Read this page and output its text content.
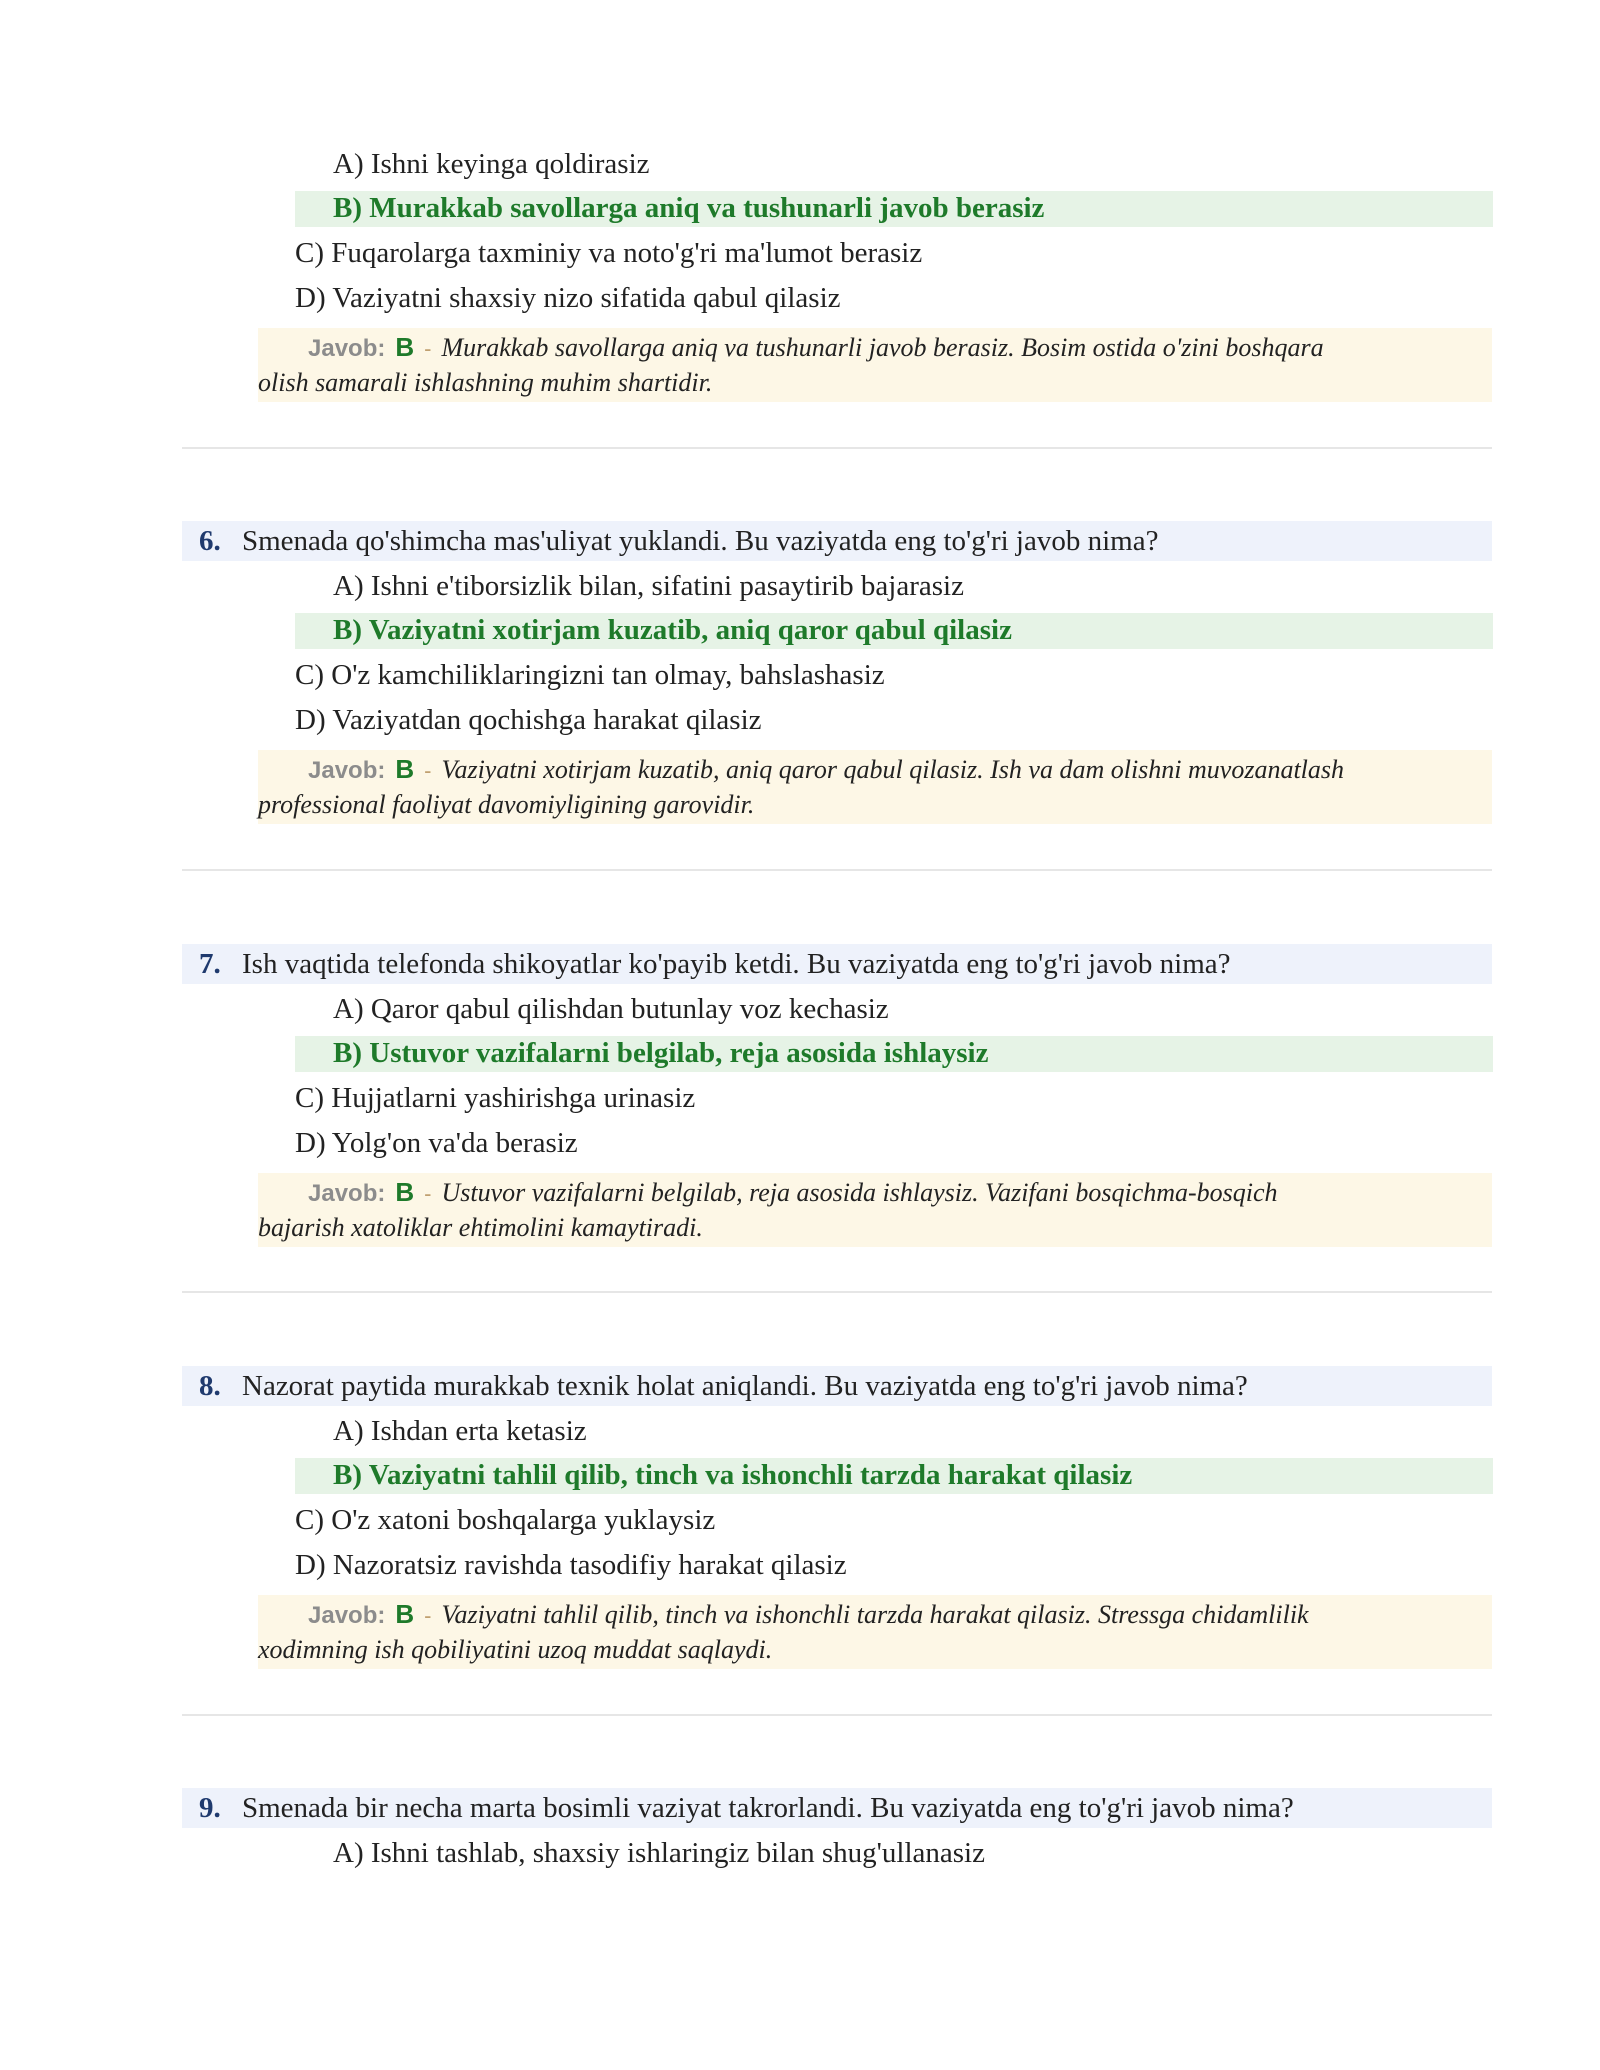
A) Ishni keyinga qoldirasiz
B) Murakkab savollarga aniq va tushunarli javob berasiz
C) Fuqarolarga taxminiy va noto'g'ri ma'lumot berasiz
D) Vaziyatni shaxsiy nizo sifatida qabul qilasiz
Javob: B - Murakkab savollarga aniq va tushunarli javob berasiz. Bosim ostida o'zini boshqara
olish samarali ishlashning muhim shartidir.
6. Smenada qo'shimcha mas'uliyat yuklandi. Bu vaziyatda eng to'g'ri javob nima?
A) Ishni e'tiborsizlik bilan, sifatini pasaytirib bajarasiz
B) Vaziyatni xotirjam kuzatib, aniq qaror qabul qilasiz
C) O'z kamchiliklaringizni tan olmay, bahslashasiz
D) Vaziyatdan qochishga harakat qilasiz
Javob: B - Vaziyatni xotirjam kuzatib, aniq qaror qabul qilasiz. Ish va dam olishni muvozanatlash
professional faoliyat davomiyligining garovidir.
7. Ish vaqtida telefonda shikoyatlar ko'payib ketdi. Bu vaziyatda eng to'g'ri javob nima?
A) Qaror qabul qilishdan butunlay voz kechasiz
B) Ustuvor vazifalarni belgilab, reja asosida ishlaysiz
C) Hujjatlarni yashirishga urinasiz
D) Yolg'on va'da berasiz
Javob: B - Ustuvor vazifalarni belgilab, reja asosida ishlaysiz. Vazifani bosqichma-bosqich
bajarish xatoliklar ehtimolini kamaytiradi.
8. Nazorat paytida murakkab texnik holat aniqlandi. Bu vaziyatda eng to'g'ri javob nima?
A) Ishdan erta ketasiz
B) Vaziyatni tahlil qilib, tinch va ishonchli tarzda harakat qilasiz
C) O'z xatoni boshqalarga yuklaysiz
D) Nazoratsiz ravishda tasodifiy harakat qilasiz
Javob: B - Vaziyatni tahlil qilib, tinch va ishonchli tarzda harakat qilasiz. Stressga chidamlilik
xodimning ish qobiliyatini uzoq muddat saqlaydi.
9. Smenada bir necha marta bosimli vaziyat takrorlandi. Bu vaziyatda eng to'g'ri javob nima?
A) Ishni tashlab, shaxsiy ishlaringiz bilan shug'ullanasiz
